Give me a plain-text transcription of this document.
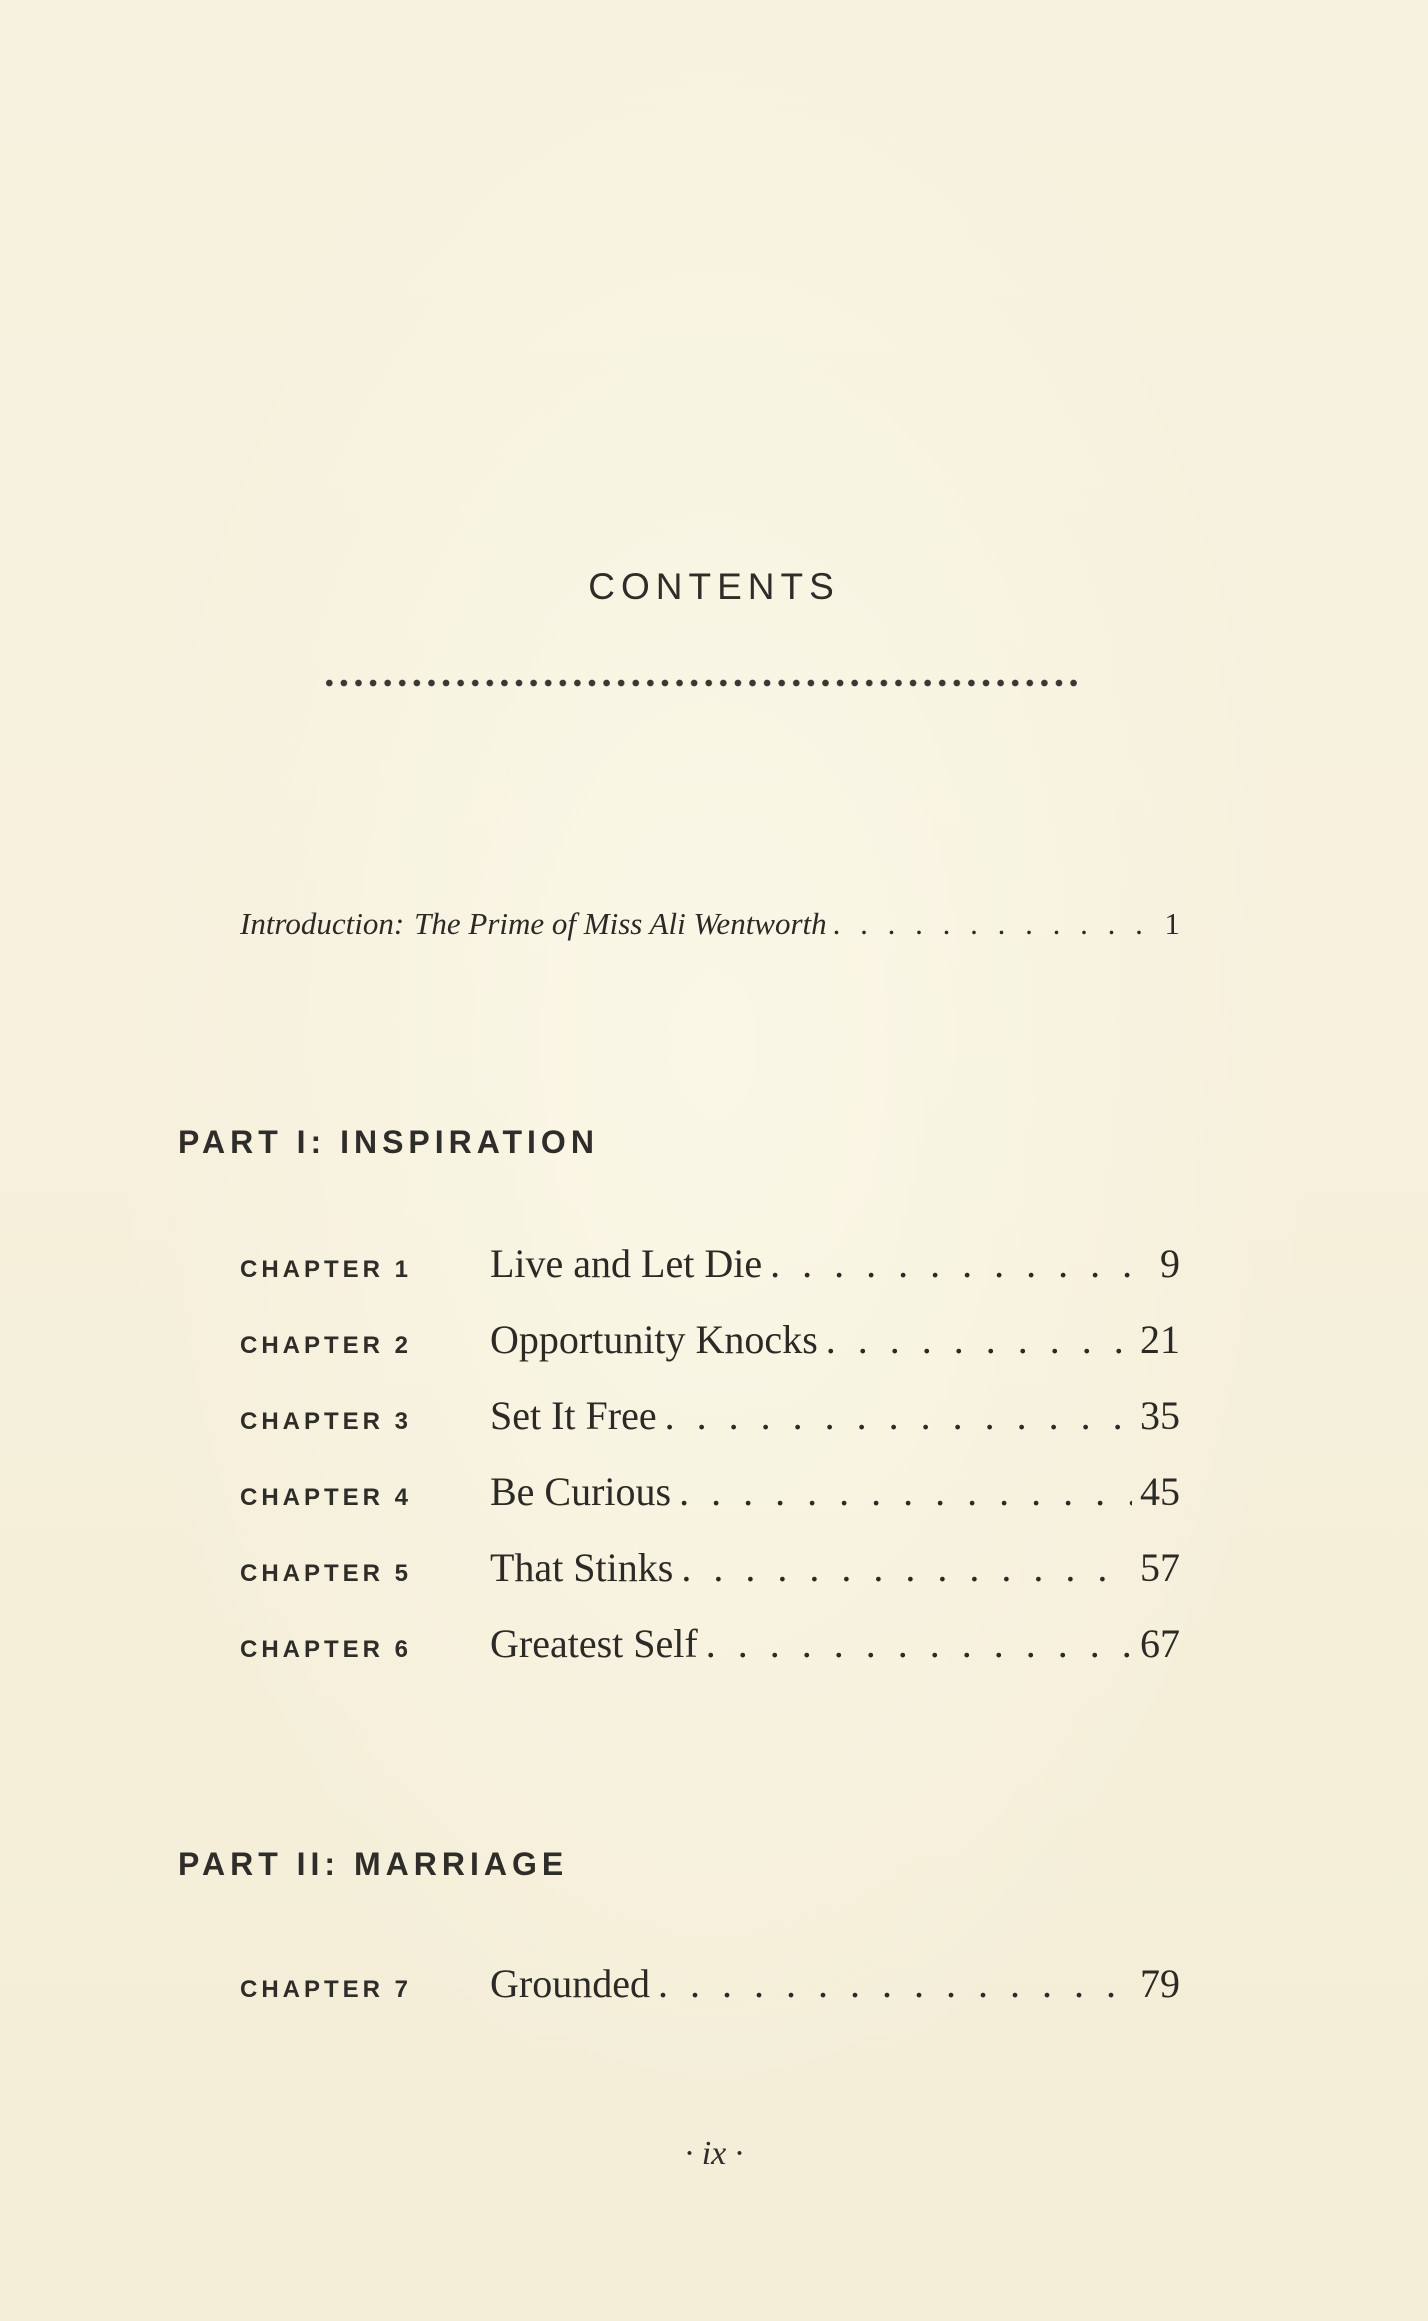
CONTENTS
Introduction: The Prime of Miss Ali Wentworth . . .	1
PART I: INSPIRATION
CHAPTER 1	Live and Let Die . . .	9
CHAPTER 2	Opportunity Knocks . . .	21
CHAPTER 3	Set It Free . . .	35
CHAPTER 4	Be Curious . . .	45
CHAPTER 5	That Stinks . . .	57
CHAPTER 6	Greatest Self . . .	67
PART II: MARRIAGE
CHAPTER 7	Grounded . . .	79
· ix ·
